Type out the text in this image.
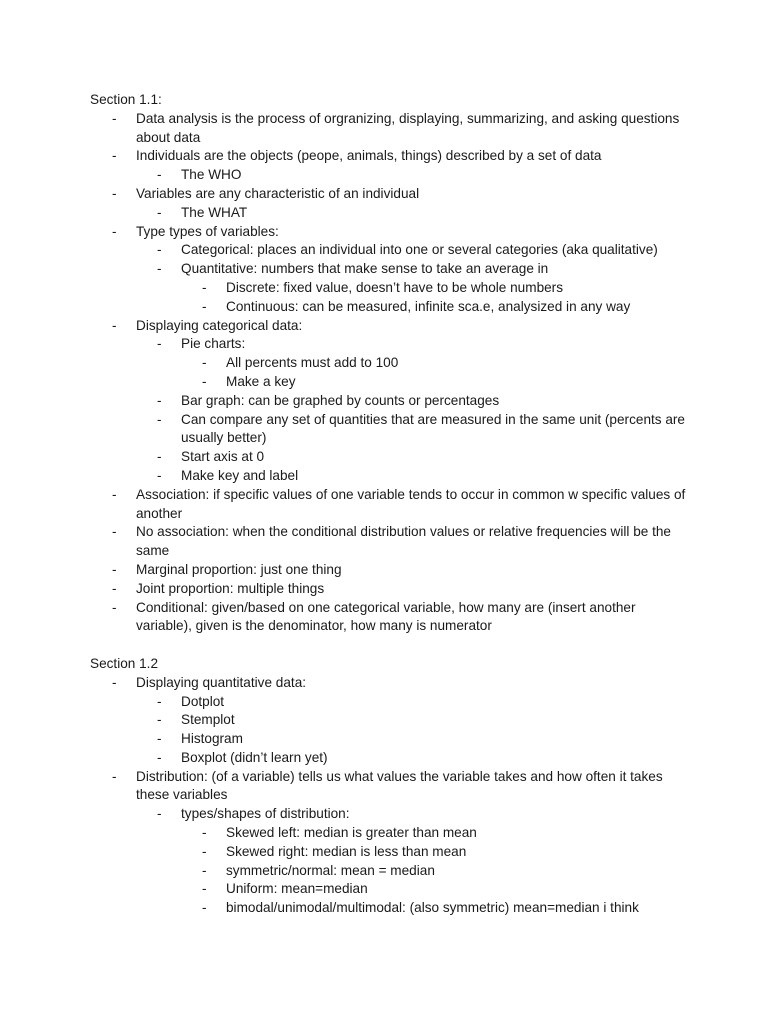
Section 1.1:
- Data analysis is the process of orgranizing, displaying, summarizing, and asking questions about data
- Individuals are the objects (peope, animals, things) described by a set of data
- The WHO
- Variables are any characteristic of an individual
- The WHAT
- Type types of variables:
- Categorical: places an individual into one or several categories (aka qualitative)
- Quantitative: numbers that make sense to take an average in
- Discrete: fixed value, doesn’t have to be whole numbers
- Continuous: can be measured, infinite sca.e, analysized in any way
- Displaying categorical data:
- Pie charts:
- All percents must add to 100
- Make a key
- Bar graph: can be graphed by counts or percentages
- Can compare any set of quantities that are measured in the same unit (percents are usually better)
- Start axis at 0
- Make key and label
- Association: if specific values of one variable tends to occur in common w specific values of another
- No association: when the conditional distribution values or relative frequencies will be the same
- Marginal proportion: just one thing
- Joint proportion: multiple things
- Conditional: given/based on one categorical variable, how many are (insert another variable), given is the denominator, how many is numerator
Section 1.2
- Displaying quantitative data:
- Dotplot
- Stemplot
- Histogram
- Boxplot (didn’t learn yet)
- Distribution: (of a variable) tells us what values the variable takes and how often it takes these variables
- types/shapes of distribution:
- Skewed left: median is greater than mean
- Skewed right: median is less than mean
- symmetric/normal: mean = median
- Uniform: mean=median
- bimodal/unimodal/multimodal: (also symmetric) mean=median i think
